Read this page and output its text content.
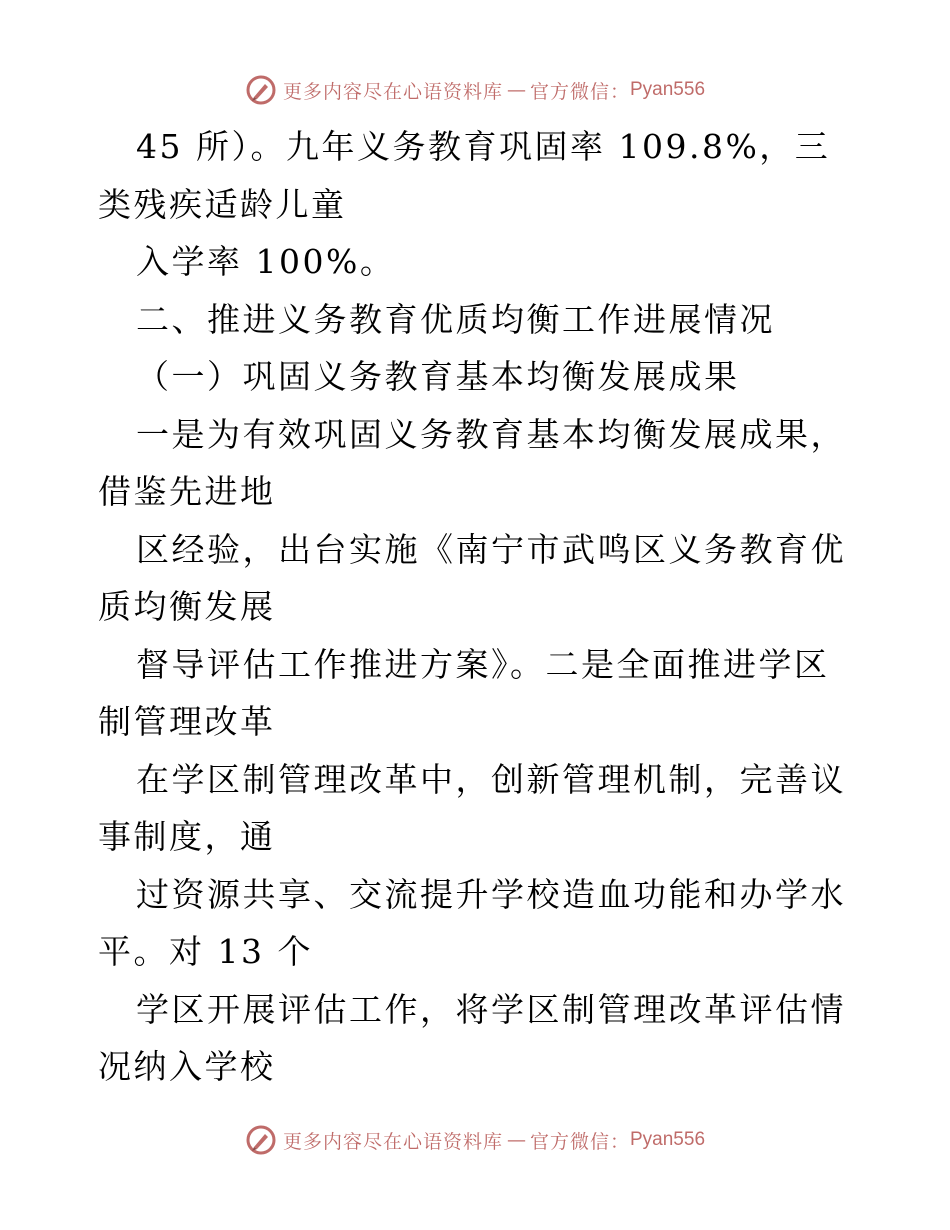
更多内容尽在心语资料库 — 官方微信： Pyan556

45 所）。九年义务教育巩固率 109.8%，三类残疾适龄儿童

入学率 100%。

二、推进义务教育优质均衡工作进展情况

（一）巩固义务教育基本均衡发展成果

一是为有效巩固义务教育基本均衡发展成果，借鉴先进地

区经验，出台实施《南宁市武鸣区义务教育优质均衡发展

督导评估工作推进方案》。二是全面推进学区制管理改革

在学区制管理改革中，创新管理机制，完善议事制度，通

过资源共享、交流提升学校造血功能和办学水平。对 13 个

学区开展评估工作，将学区制管理改革评估情况纳入学校

更多内容尽在心语资料库 — 官方微信： Pyan556
